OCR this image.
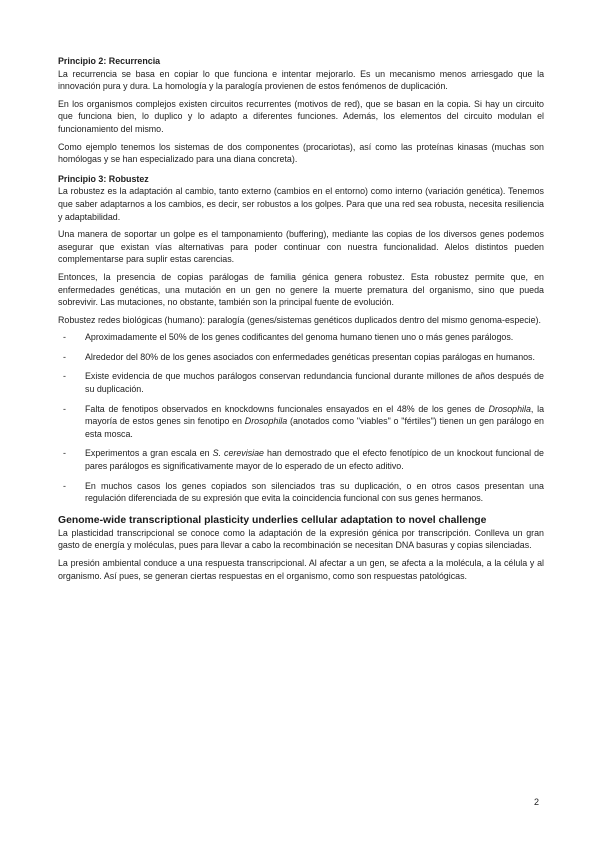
Principio 2: Recurrencia

La recurrencia se basa en copiar lo que funciona e intentar mejorarlo. Es un mecanismo menos arriesgado que la innovación pura y dura. La homología y la paralogía provienen de estos fenómenos de duplicación.

En los organismos complejos existen circuitos recurrentes (motivos de red), que se basan en la copia. Si hay un circuito que funciona bien, lo duplico y lo adapto a diferentes funciones. Además, los elementos del circuito modulan el funcionamiento del mismo.

Como ejemplo tenemos los sistemas de dos componentes (procariotas), así como las proteínas kinasas (muchas son homólogas y se han especializado para una diana concreta).

Principio 3: Robustez

La robustez es la adaptación al cambio, tanto externo (cambios en el entorno) como interno (variación genética). Tenemos que saber adaptarnos a los cambios, es decir, ser robustos a los golpes. Para que una red sea robusta, necesita resiliencia y adaptabilidad.

Una manera de soportar un golpe es el tamponamiento (buffering), mediante las copias de los diversos genes podemos asegurar que existan vías alternativas para poder continuar con nuestra funcionalidad. Alelos distintos pueden complementarse para suplir estas carencias.

Entonces, la presencia de copias parálogas de familia génica genera robustez. Esta robustez permite que, en enfermedades genéticas, una mutación en un gen no genere la muerte prematura del organismo, sino que pueda sobrevivir. Las mutaciones, no obstante, también son la principal fuente de evolución.

Robustez redes biológicas (humano): paralogía (genes/sistemas genéticos duplicados dentro del mismo genoma-especie).

- Aproximadamente el 50% de los genes codificantes del genoma humano tienen uno o más genes parálogos.
- Alrededor del 80% de los genes asociados con enfermedades genéticas presentan copias parálogas en humanos.
- Existe evidencia de que muchos parálogos conservan redundancia funcional durante millones de años después de su duplicación.
- Falta de fenotipos observados en knockdowns funcionales ensayados en el 48% de los genes de Drosophila, la mayoría de estos genes sin fenotipo en Drosophila (anotados como "viables" o "fértiles") tienen un gen parálogo en esta mosca.
- Experimentos a gran escala en S. cerevisiae han demostrado que el efecto fenotípico de un knockout funcional de pares parálogos es significativamente mayor de lo esperado de un efecto aditivo.
- En muchos casos los genes copiados son silenciados tras su duplicación, o en otros casos presentan una regulación diferenciada de su expresión que evita la coincidencia funcional con sus genes hermanos.

Genome-wide transcriptional plasticity underlies cellular adaptation to novel challenge

La plasticidad transcripcional se conoce como la adaptación de la expresión génica por transcripción. Conlleva un gran gasto de energía y moléculas, pues para llevar a cabo la recombinación se necesitan DNA basuras y copias silenciadas.

La presión ambiental conduce a una respuesta transcripcional. Al afectar a un gen, se afecta a la molécula, a la célula y al organismo. Así pues, se generan ciertas respuestas en el organismo, como son respuestas patológicas.

2
